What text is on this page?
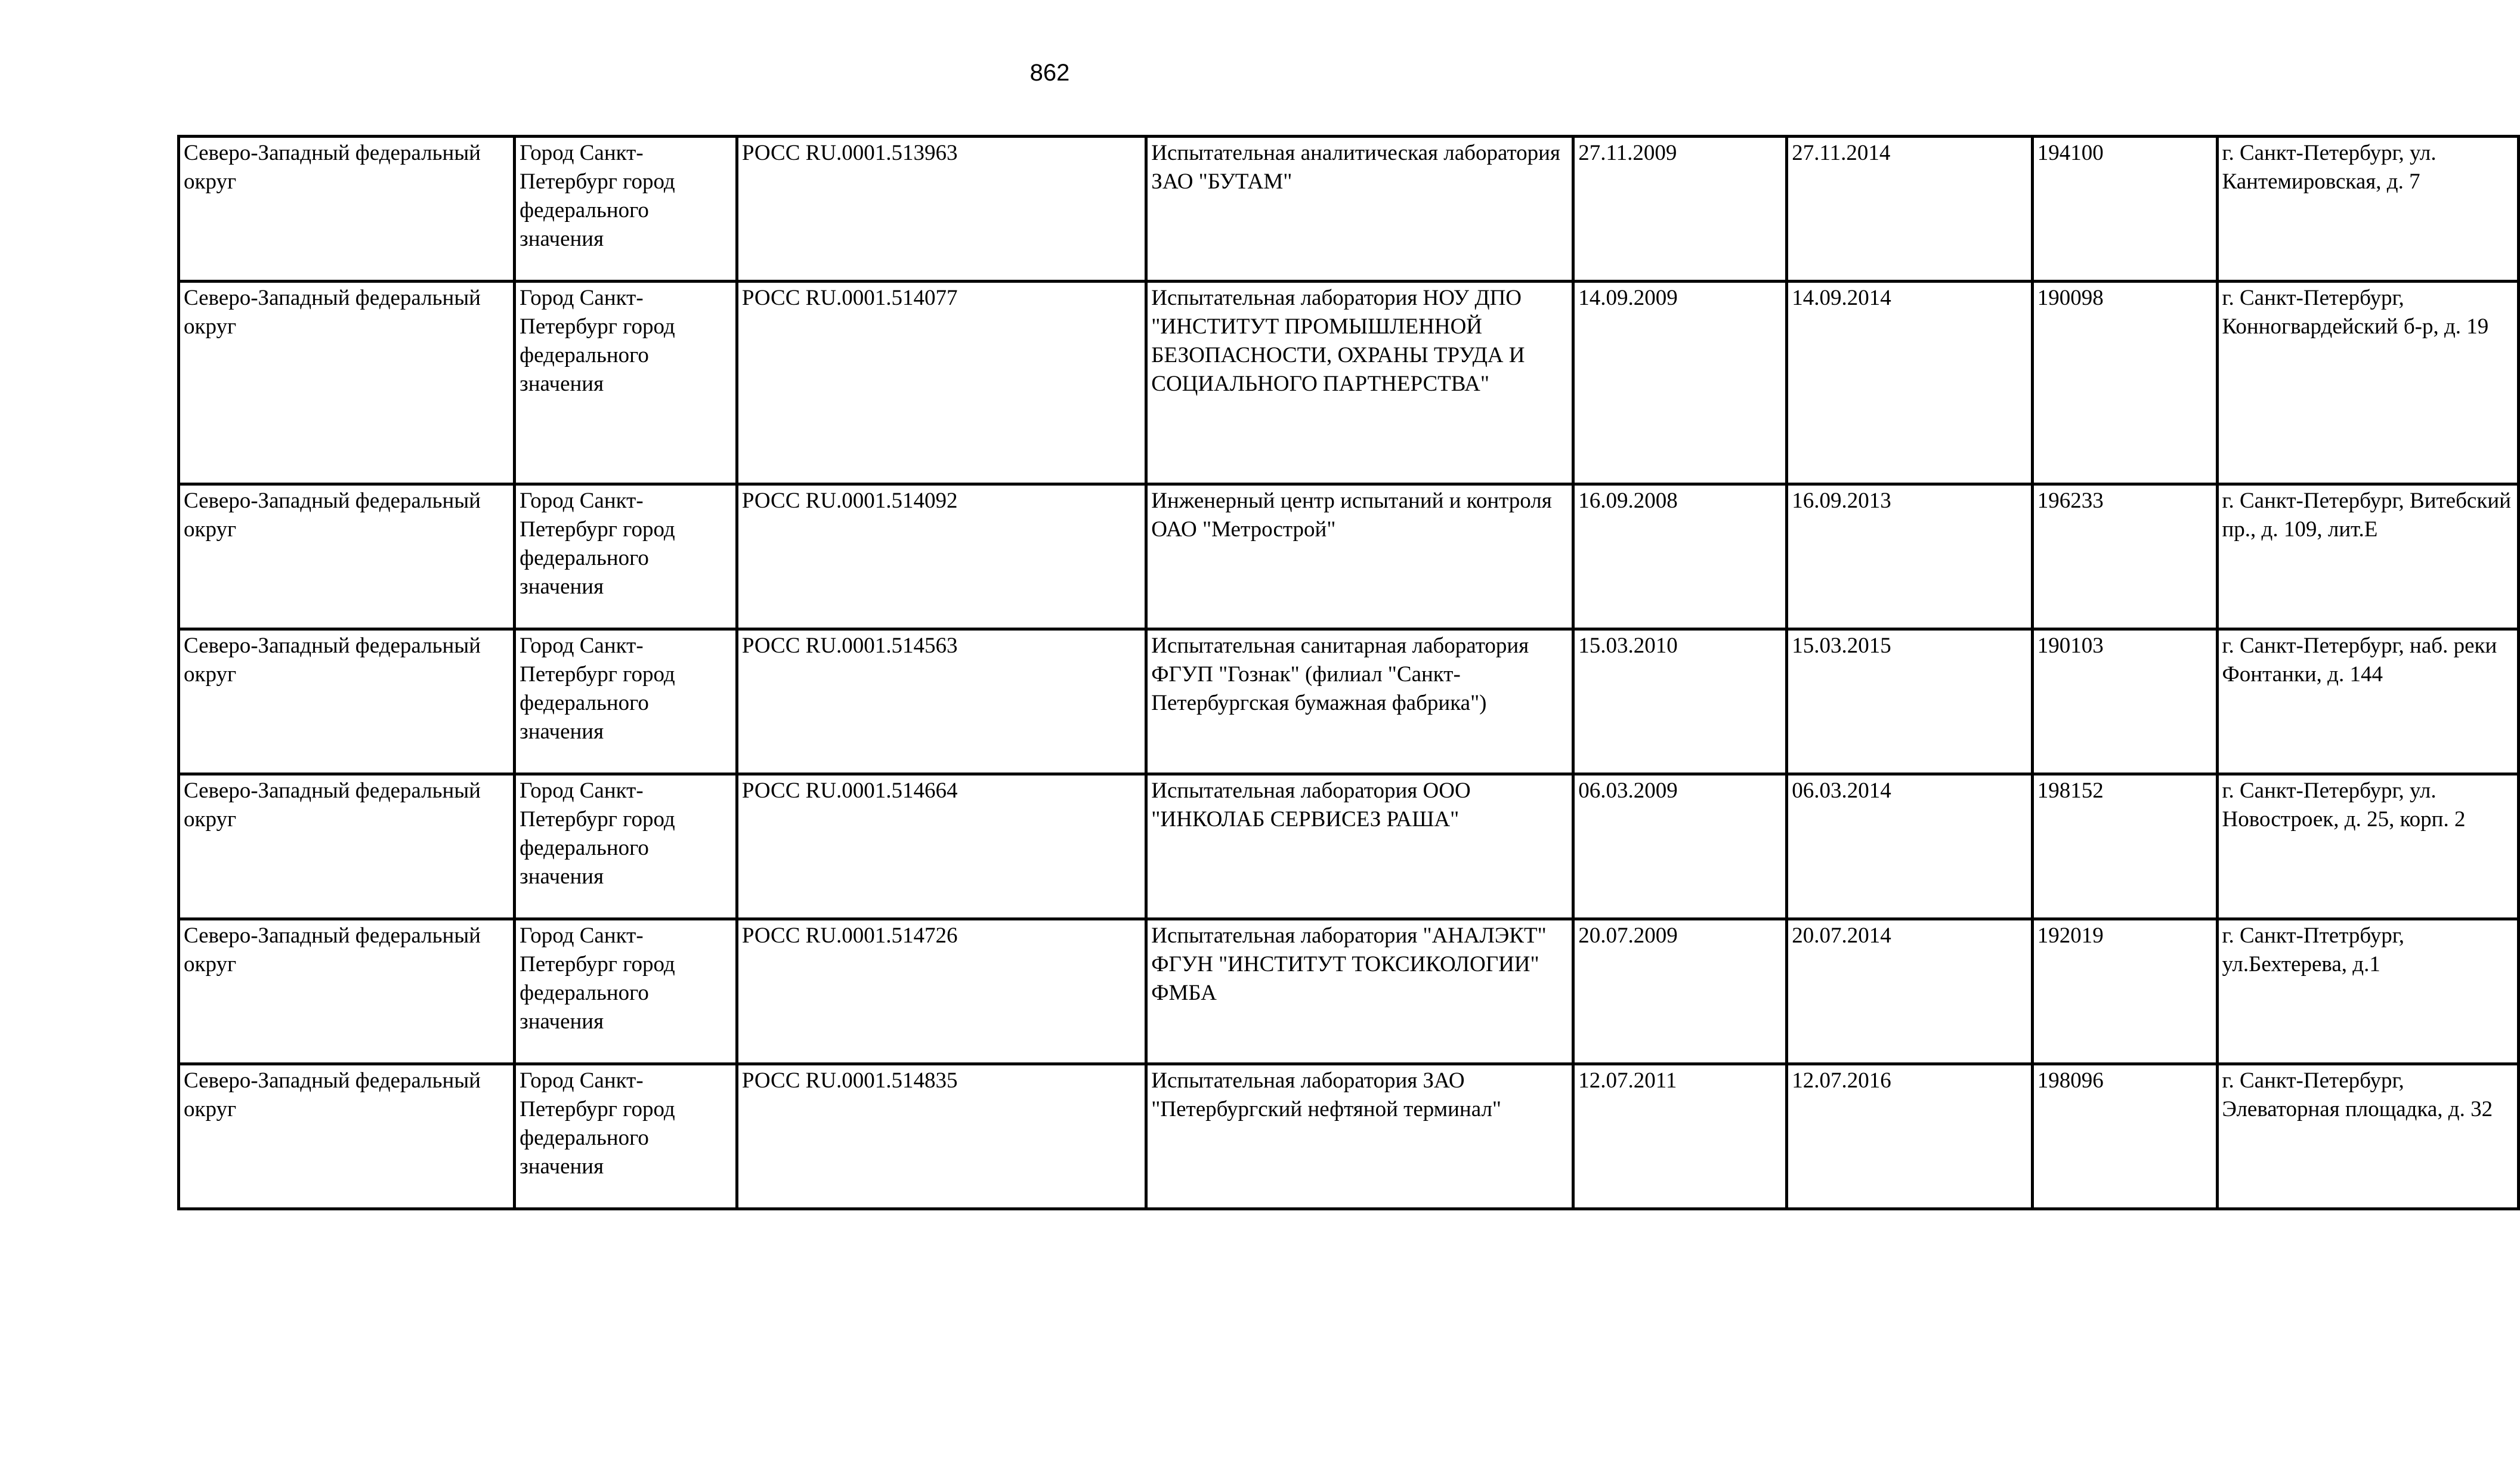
862
Северо-Западный федеральный округ	Город Санкт-Петербург город федерального значения	РОСС RU.0001.513963	Испытательная аналитическая лаборатория ЗАО "БУТАМ"	27.11.2009	27.11.2014	194100	г. Санкт-Петербург, ул. Кантемировская, д. 7
Северо-Западный федеральный округ	Город Санкт-Петербург город федерального значения	РОСС RU.0001.514077	Испытательная лаборатория НОУ ДПО "ИНСТИТУТ ПРОМЫШЛЕННОЙ БЕЗОПАСНОСТИ, ОХРАНЫ ТРУДА И СОЦИАЛЬНОГО ПАРТНЕРСТВА"	14.09.2009	14.09.2014	190098	г. Санкт-Петербург, Конногвардейский б-р, д. 19
Северо-Западный федеральный округ	Город Санкт-Петербург город федерального значения	РОСС RU.0001.514092	Инженерный центр испытаний и контроля ОАО "Метрострой"	16.09.2008	16.09.2013	196233	г. Санкт-Петербург, Витебский пр., д. 109, лит.Е
Северо-Западный федеральный округ	Город Санкт-Петербург город федерального значения	РОСС RU.0001.514563	Испытательная санитарная лаборатория ФГУП "Гознак" (филиал "Санкт-Петербургская бумажная фабрика")	15.03.2010	15.03.2015	190103	г. Санкт-Петербург, наб. реки Фонтанки, д. 144
Северо-Западный федеральный округ	Город Санкт-Петербург город федерального значения	РОСС RU.0001.514664	Испытательная лаборатория ООО "ИНКОЛАБ СЕРВИСЕЗ РАША"	06.03.2009	06.03.2014	198152	г. Санкт-Петербург, ул. Новостроек, д. 25, корп. 2
Северо-Западный федеральный округ	Город Санкт-Петербург город федерального значения	РОСС RU.0001.514726	Испытательная лаборатория "АНАЛЭКТ" ФГУН "ИНСТИТУТ ТОКСИКОЛОГИИ" ФМБА	20.07.2009	20.07.2014	192019	г. Санкт-Птетрбург, ул.Бехтерева, д.1
Северо-Западный федеральный округ	Город Санкт-Петербург город федерального значения	РОСС RU.0001.514835	Испытательная лаборатория ЗАО "Петербургский нефтяной терминал"	12.07.2011	12.07.2016	198096	г. Санкт-Петербург, Элеваторная площадка, д. 32
